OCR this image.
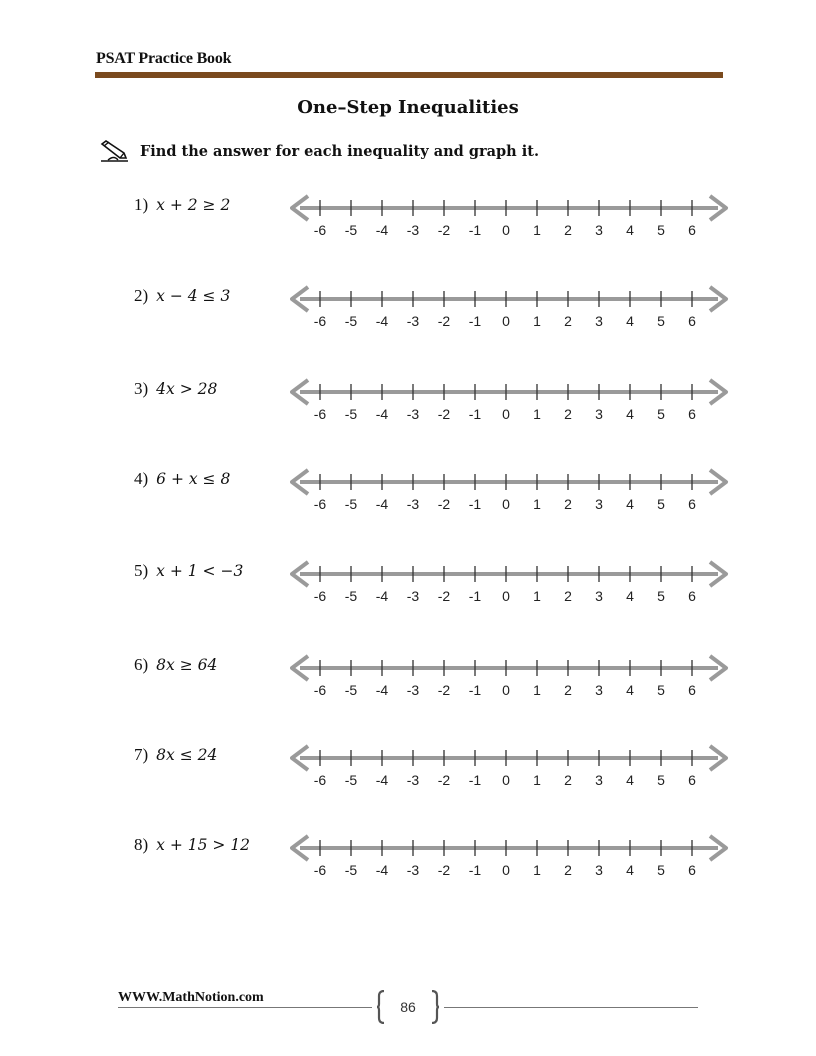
PSAT Practice Book
One–Step Inequalities
Find the answer for each inequality and graph it.
1) x + 2 ≥ 2
-6 -5 -4 -3 -2 -1 0 1 2 3 4 5 6
2) x − 4 ≤ 3
-6 -5 -4 -3 -2 -1 0 1 2 3 4 5 6
3) 4x > 28
-6 -5 -4 -3 -2 -1 0 1 2 3 4 5 6
4) 6 + x ≤ 8
-6 -5 -4 -3 -2 -1 0 1 2 3 4 5 6
5) x + 1 < −3
-6 -5 -4 -3 -2 -1 0 1 2 3 4 5 6
6) 8x ≥ 64
-6 -5 -4 -3 -2 -1 0 1 2 3 4 5 6
7) 8x ≤ 24
-6 -5 -4 -3 -2 -1 0 1 2 3 4 5 6
8) x + 15 > 12
-6 -5 -4 -3 -2 -1 0 1 2 3 4 5 6
WWW.MathNotion.com
86
